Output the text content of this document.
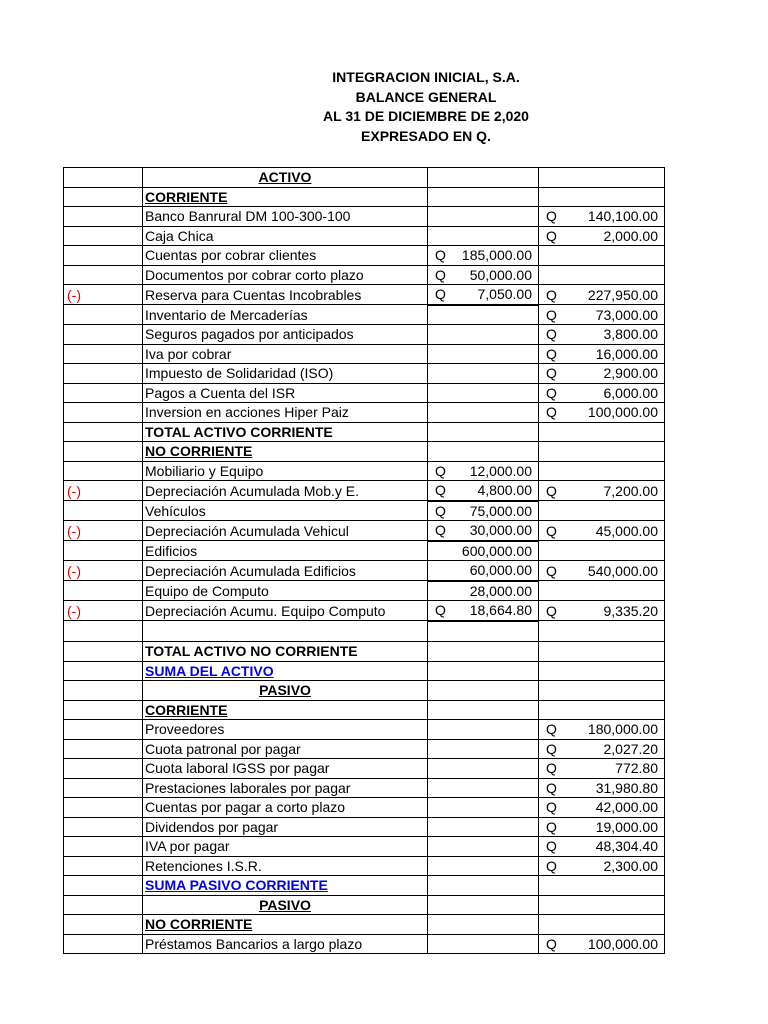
INTEGRACION INICIAL, S.A.
BALANCE GENERAL
AL 31 DE DICIEMBRE DE 2,020
EXPRESADO EN Q.
	ACTIVO	

	CORRIENTE	

	Banco Banrural DM 100-300-100		Q 140,100.00

	Caja Chica		Q 2,000.00

	Cuentas por cobrar clientes	Q 185,000.00	

	Documentos por cobrar corto plazo	Q 50,000.00	

(-)	Reserva para Cuentas Incobrables	Q 7,050.00	Q 227,950.00

	Inventario de Mercaderías		Q 73,000.00

	Seguros pagados por anticipados		Q 3,800.00

	Iva por cobrar		Q 16,000.00

	Impuesto de Solidaridad (ISO)		Q 2,900.00

	Pagos a Cuenta del ISR		Q 6,000.00

	Inversion en acciones Hiper Paiz		Q 100,000.00

	TOTAL ACTIVO CORRIENTE	

	NO CORRIENTE	

	Mobiliario y Equipo	Q 12,000.00	

(-)	Depreciación Acumulada Mob.y E.	Q 4,800.00	Q 7,200.00

	Vehículos	Q 75,000.00	

(-)	Depreciación Acumulada Vehicul	Q 30,000.00	Q 45,000.00

	Edificios	600,000.00	

(-)	Depreciación Acumulada Edificios	60,000.00	Q 540,000.00

	Equipo de Computo	28,000.00	

(-)	Depreciación Acumu. Equipo Computo	Q 18,664.80	Q 9,335.20

	TOTAL ACTIVO NO CORRIENTE	

	SUMA DEL ACTIVO	

	PASIVO	

	CORRIENTE	

	Proveedores		Q 180,000.00

	Cuota patronal por pagar		Q 2,027.20

	Cuota laboral IGSS por pagar		Q 772.80

	Prestaciones laborales por pagar		Q 31,980.80

	Cuentas por pagar a corto plazo		Q 42,000.00

	Dividendos por pagar		Q 19,000.00

	IVA por pagar		Q 48,304.40

	Retenciones I.S.R.		Q 2,300.00

	SUMA PASIVO CORRIENTE	

	PASIVO	

	NO CORRIENTE	

	Préstamos Bancarios a largo plazo		Q 100,000.00
